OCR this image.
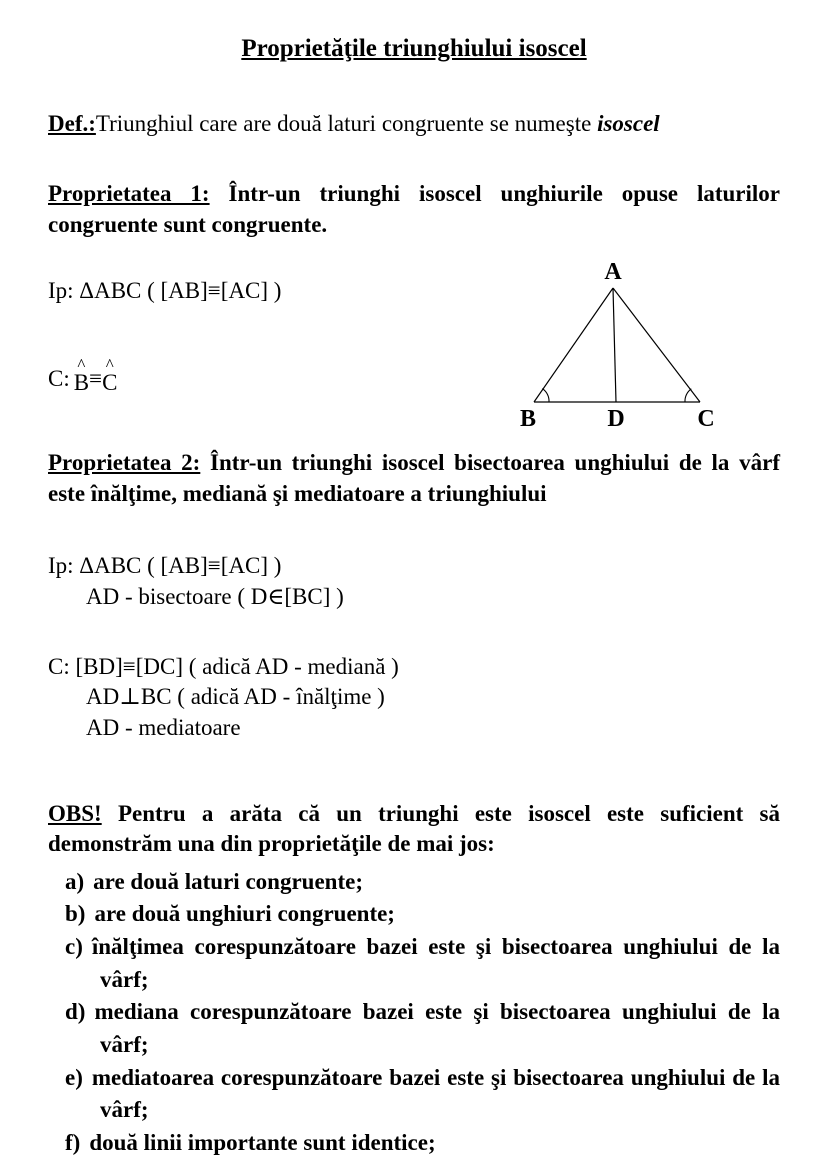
Proprietăţile triunghiului isoscel

Def.:Triunghiul care are două laturi congruente se numeşte isoscel

Proprietatea 1: Într-un triunghi isoscel unghiurile opuse laturilor congruente sunt congruente.

Ip: ΔABC ( [AB]≡[AC] )

C:
^
B ≡
^
C

A
B	D	C

Proprietatea 2: Într-un triunghi isoscel bisectoarea unghiului de la vârf este înălţime, mediană şi mediatoare a triunghiului

Ip: ΔABC ( [AB]≡[AC] )

AD - bisectoare ( D∈[BC] )

C: [BD]≡[DC] ( adică AD - mediană )

AD⊥BC ( adică AD - înălţime )

AD - mediatoare

OBS! Pentru a arăta că un triunghi este isoscel este suficient să demonstrăm una din proprietăţile de mai jos:

a) are două laturi congruente;
b) are două unghiuri congruente;
c) înălţimea corespunzătoare bazei este şi bisectoarea unghiului de la vârf;
d) mediana corespunzătoare bazei este şi bisectoarea unghiului de la vârf;
e) mediatoarea corespunzătoare bazei este şi bisectoarea unghiului de la vârf;
f) două linii importante sunt identice;
